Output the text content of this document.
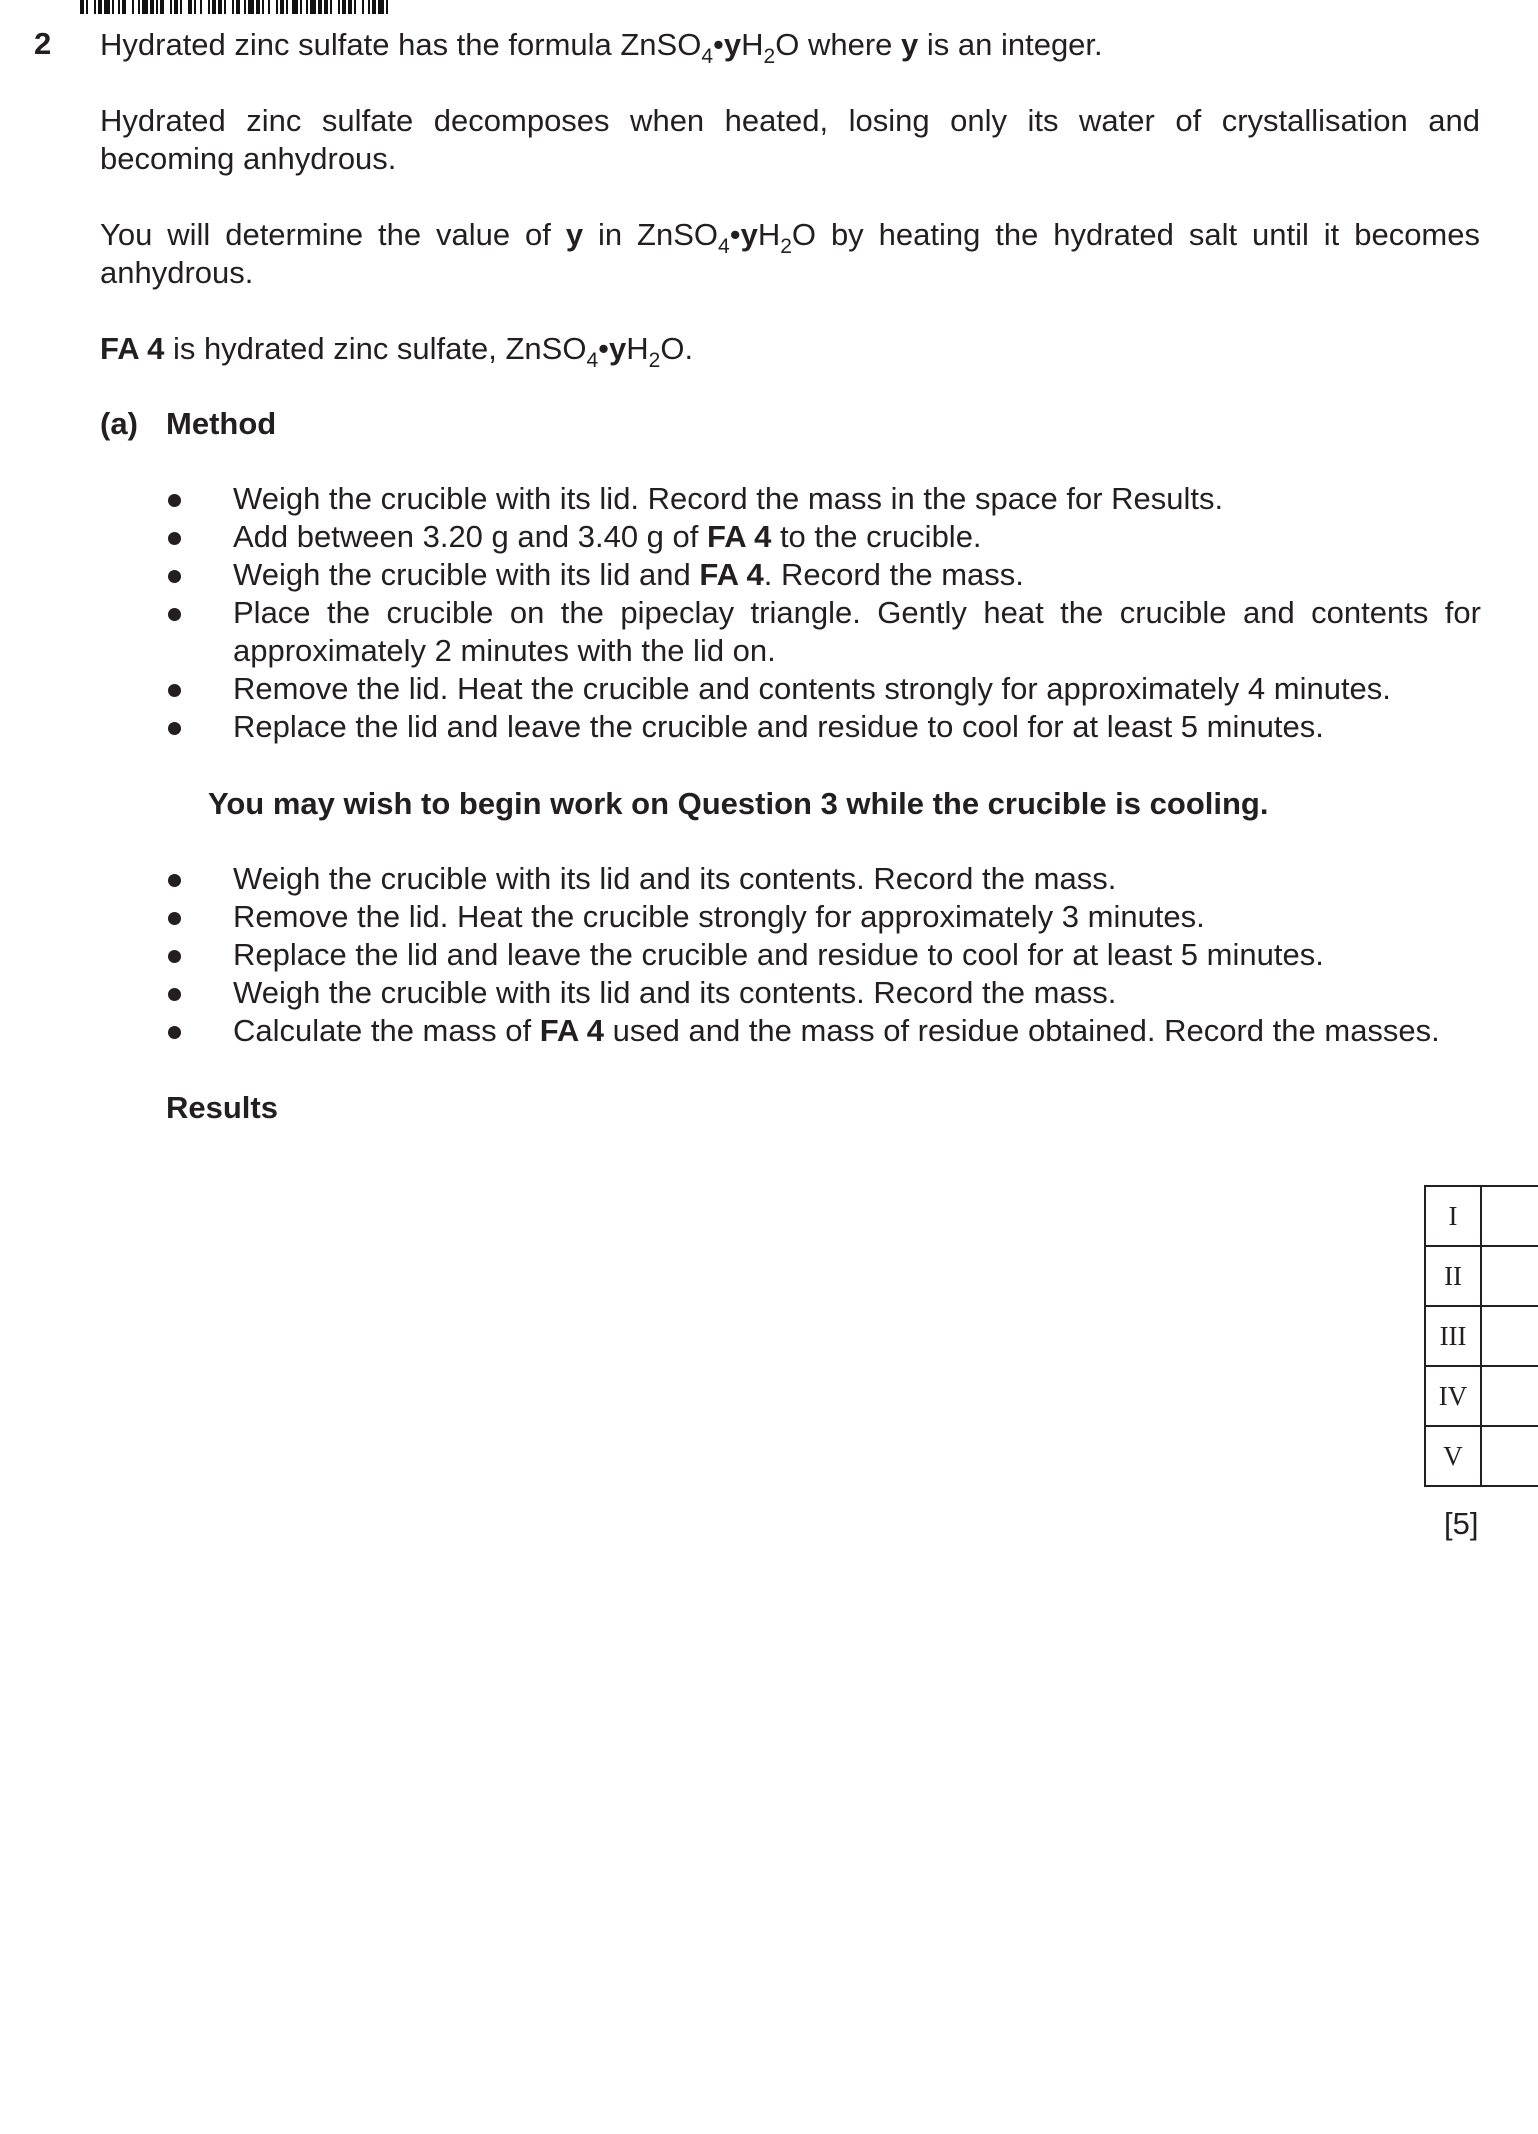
2 Hydrated zinc sulfate has the formula $ZnSO_4•yH_2O$ where y is an integer.
Hydrated zinc sulfate decomposes when heated, losing only its water of crystallisation and becoming anhydrous.
You will determine the value of y in $ZnSO_4•yH_2O$ by heating the hydrated salt until it becomes anhydrous.
FA 4 is hydrated zinc sulfate, $ZnSO_4•yH_2O$.
(a) Method
Weigh the crucible with its lid. Record the mass in the space for Results.
Add between 3.20 g and 3.40 g of FA 4 to the crucible.
Weigh the crucible with its lid and FA 4. Record the mass.
Place the crucible on the pipeclay triangle. Gently heat the crucible and contents for approximately 2 minutes with the lid on.
Remove the lid. Heat the crucible and contents strongly for approximately 4 minutes.
Replace the lid and leave the crucible and residue to cool for at least 5 minutes.
You may wish to begin work on Question 3 while the crucible is cooling.
Weigh the crucible with its lid and its contents. Record the mass.
Remove the lid. Heat the crucible strongly for approximately 3 minutes.
Replace the lid and leave the crucible and residue to cool for at least 5 minutes.
Weigh the crucible with its lid and its contents. Record the mass.
Calculate the mass of FA 4 used and the mass of residue obtained. Record the masses.
Results
I	
II	
III	
IV	
V	
[5]
